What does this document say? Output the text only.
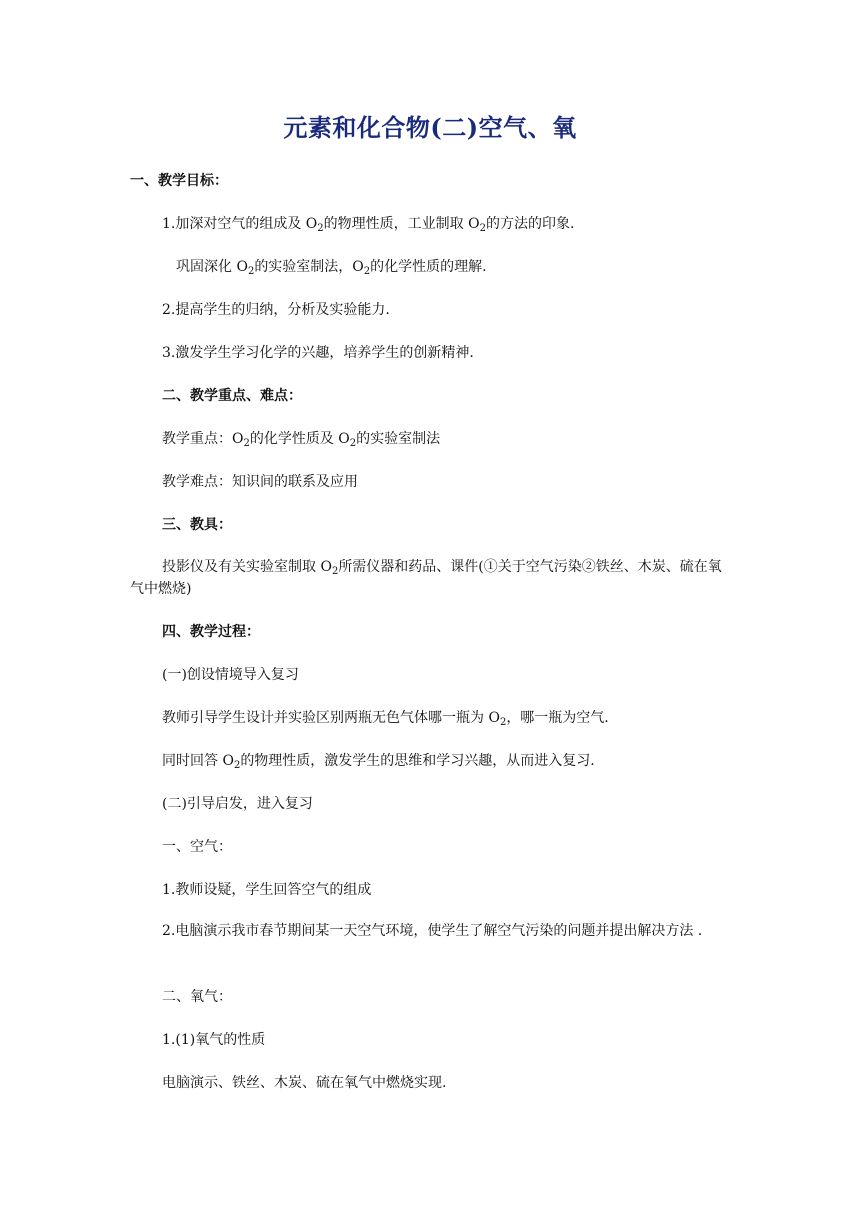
元素和化合物(二)空气、氧
一、教学目标：
1.加深对空气的组成及 $O_2$的物理性质，工业制取 $O_2$的方法的印象.
巩固深化 $O_2$的实验室制法，$O_2$的化学性质的理解.
2.提高学生的归纳，分析及实验能力.
3.激发学生学习化学的兴趣，培养学生的创新精神.
二、教学重点、难点：
教学重点：$O_2$的化学性质及 $O_2$的实验室制法
教学难点：知识间的联系及应用
三、教具：
投影仪及有关实验室制取 $O_2$所需仪器和药品、课件(①关于空气污染②铁丝、木炭、硫在氧气中燃烧)
四、教学过程：
(一)创设情境导入复习
教师引导学生设计并实验区别两瓶无色气体哪一瓶为 $O_2$，哪一瓶为空气.
同时回答 $O_2$的物理性质，激发学生的思维和学习兴趣，从而进入复习.
(二)引导启发，进入复习
一、空气：
1.教师设疑，学生回答空气的组成
2.电脑演示我市春节期间某一天空气环境，使学生了解空气污染的问题并提出解决方法 .
二、氧气：
1.(1)氧气的性质
电脑演示、铁丝、木炭、硫在氧气中燃烧实现.
